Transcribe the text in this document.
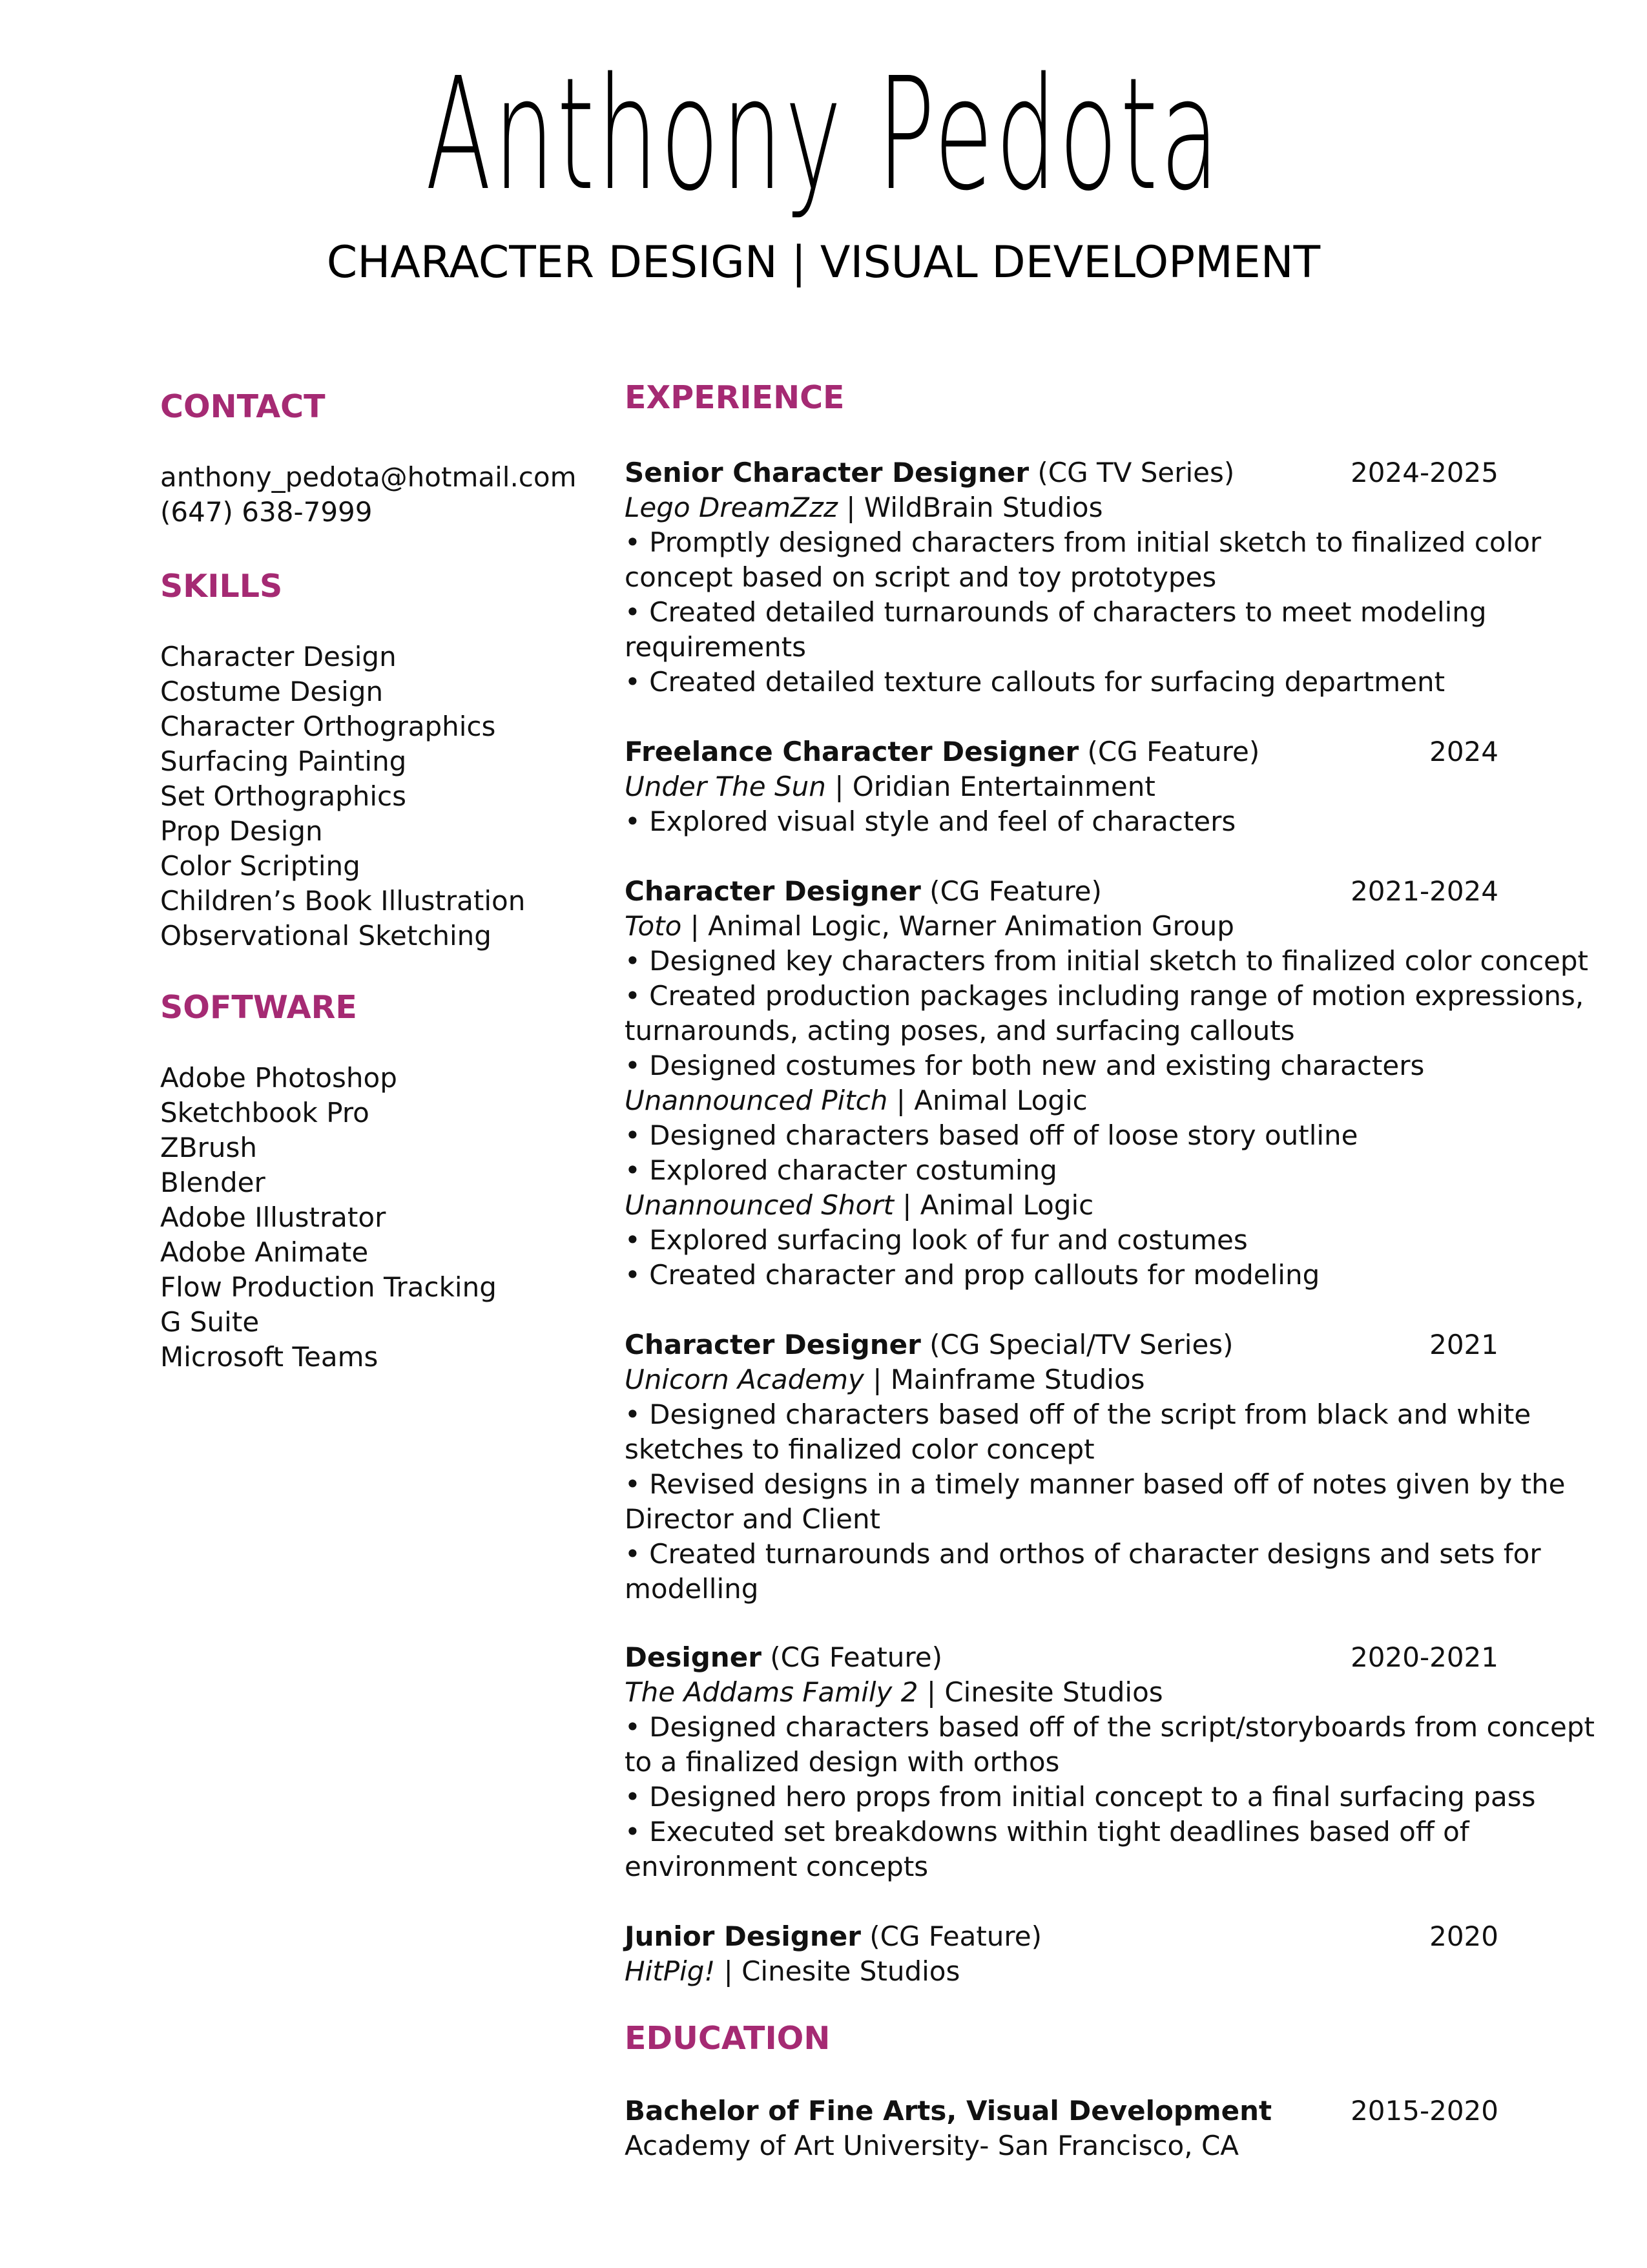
Anthony Pedota
CHARACTER DESIGN | VISUAL DEVELOPMENT
CONTACT
anthony_pedota@hotmail.com
(647) 638-7999
SKILLS
Character Design
Costume Design
Character Orthographics
Surfacing Painting
Set Orthographics
Prop Design
Color Scripting
Children’s Book Illustration
Observational Sketching
SOFTWARE
Adobe Photoshop
Sketchbook Pro
ZBrush
Blender
Adobe Illustrator
Adobe Animate
Flow Production Tracking
G Suite
Microsoft Teams
EXPERIENCE
Senior Character Designer (CG TV Series)	2024-2025
Lego DreamZzz | WildBrain Studios
• Promptly designed characters from initial sketch to finalized color
concept based on script and toy prototypes
• Created detailed turnarounds of characters to meet modeling
requirements
• Created detailed texture callouts for surfacing department
Freelance Character Designer (CG Feature)	2024
Under The Sun | Oridian Entertainment
• Explored visual style and feel of characters
Character Designer (CG Feature)	2021-2024
Toto | Animal Logic, Warner Animation Group
• Designed key characters from initial sketch to finalized color concept
• Created production packages including range of motion expressions,
turnarounds, acting poses, and surfacing callouts
• Designed costumes for both new and existing characters
Unannounced Pitch | Animal Logic
• Designed characters based off of loose story outline
• Explored character costuming
Unannounced Short | Animal Logic
• Explored surfacing look of fur and costumes
• Created character and prop callouts for modeling
Character Designer (CG Special/TV Series)	2021
Unicorn Academy | Mainframe Studios
• Designed characters based off of the script from black and white
sketches to finalized color concept
• Revised designs in a timely manner based off of notes given by the
Director and Client
• Created turnarounds and orthos of character designs and sets for
modelling
Designer (CG Feature)	2020-2021
The Addams Family 2 | Cinesite Studios
• Designed characters based off of the script/storyboards from concept
to a finalized design with orthos
• Designed hero props from initial concept to a final surfacing pass
• Executed set breakdowns within tight deadlines based off of
environment concepts
Junior Designer (CG Feature)	2020
HitPig! | Cinesite Studios
EDUCATION
Bachelor of Fine Arts, Visual Development	2015-2020
Academy of Art University- San Francisco, CA
